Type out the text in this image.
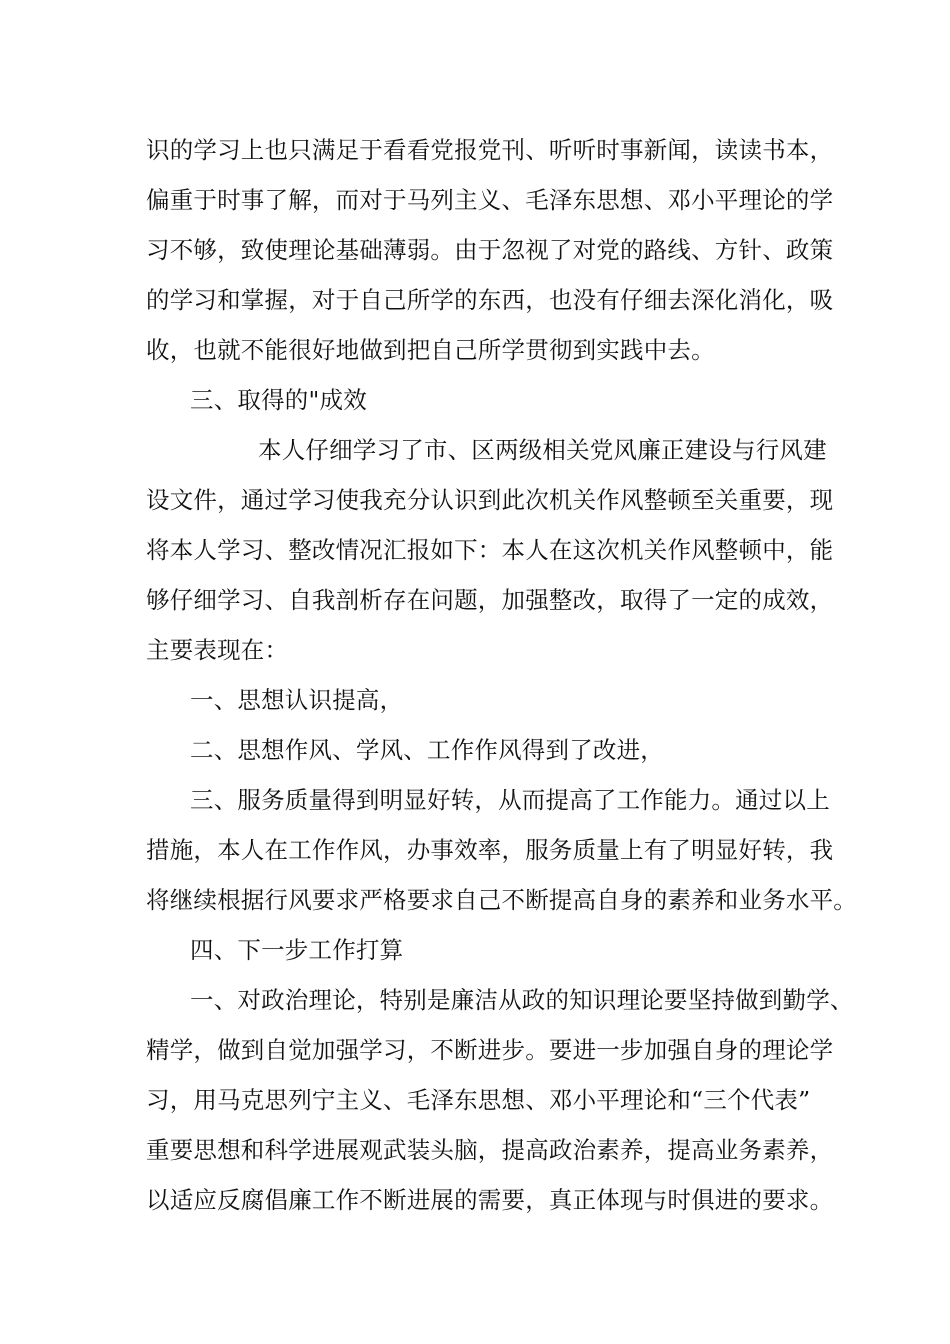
识的学习上也只满足于看看党报党刊、听听时事新闻，读读书本，
偏重于时事了解，而对于马列主义、毛泽东思想、邓小平理论的学
习不够，致使理论基础薄弱。由于忽视了对党的路线、方针、政策
的学习和掌握，对于自己所学的东西，也没有仔细去深化消化，吸
收，也就不能很好地做到把自己所学贯彻到实践中去。
三、取得的"成效
本人仔细学习了市、区两级相关党风廉正建设与行风建
设文件，通过学习使我充分认识到此次机关作风整顿至关重要，现
将本人学习、整改情况汇报如下：本人在这次机关作风整顿中，能
够仔细学习、自我剖析存在问题，加强整改，取得了一定的成效，
主要表现在：
一、思想认识提高，
二、思想作风、学风、工作作风得到了改进，
三、服务质量得到明显好转，从而提高了工作能力。通过以上
措施，本人在工作作风，办事效率，服务质量上有了明显好转，我
将继续根据行风要求严格要求自己不断提高自身的素养和业务水平。
四、下一步工作打算
一、对政治理论，特别是廉洁从政的知识理论要坚持做到勤学、
精学，做到自觉加强学习，不断进步。要进一步加强自身的理论学
习，用马克思列宁主义、毛泽东思想、邓小平理论和“三个代表”
重要思想和科学进展观武装头脑，提高政治素养，提高业务素养，
以适应反腐倡廉工作不断进展的需要，真正体现与时俱进的要求。
